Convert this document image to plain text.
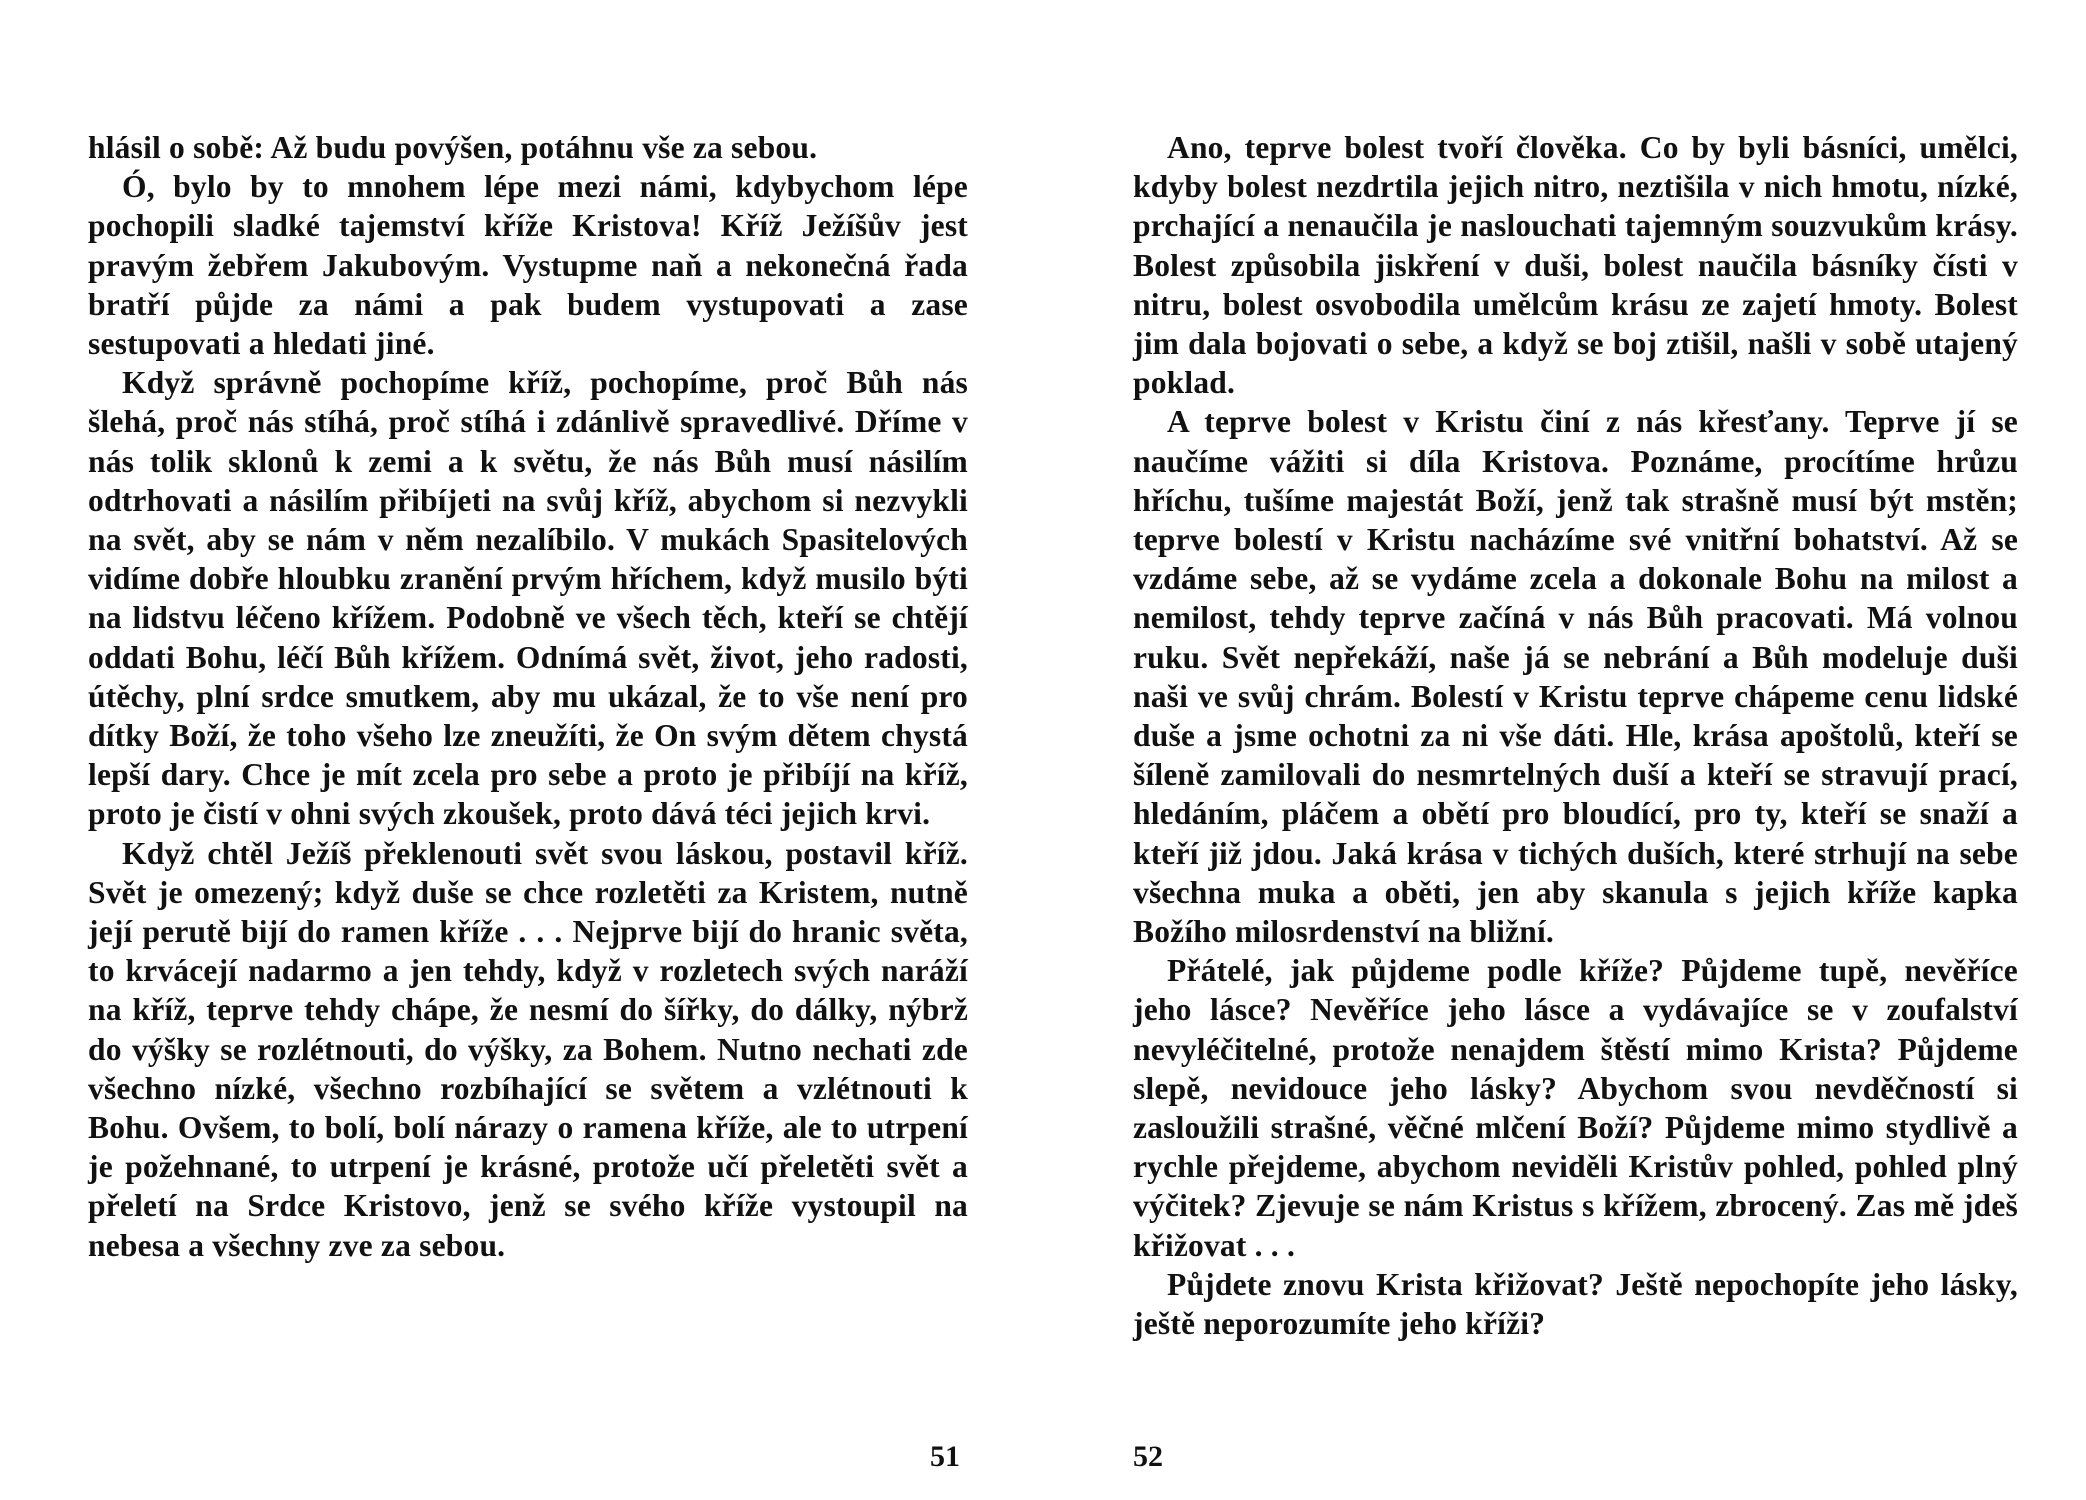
hlásil o sobě: Až budu povýšen, potáhnu vše za sebou.

Ó, bylo by to mnohem lépe mezi námi, kdybychom lépe pochopili sladké tajemství kříže Kristova! Kříž Ježíšův jest pravým žebřem Jakubovým. Vystupme naň a nekonečná řada bratří půjde za námi a pak budem vystupovati a zase sestupovati a hledati jiné.

Když správně pochopíme kříž, pochopíme, proč Bůh nás šlehá, proč nás stíhá, proč stíhá i zdánlivě spravedlivé. Dříme v nás tolik sklonů k zemi a k světu, že nás Bůh musí násilím odtrhovati a násilím přibíjeti na svůj kříž, abychom si nezvykli na svět, aby se nám v něm nezalíbilo. V mukách Spasitelových vidíme dobře hloubku zranění prvým hříchem, když musilo býti na lidstvu léčeno křížem. Podobně ve všech těch, kteří se chtějí oddati Bohu, léčí Bůh křížem. Odnímá svět, život, jeho radosti, útěchy, plní srdce smutkem, aby mu ukázal, že to vše není pro dítky Boží, že toho všeho lze zneužíti, že On svým dětem chystá lepší dary. Chce je mít zcela pro sebe a proto je přibíjí na kříž, proto je čistí v ohni svých zkoušek, proto dává téci jejich krvi.

Když chtěl Ježíš překlenouti svět svou láskou, postavil kříž. Svět je omezený; když duše se chce rozletěti za Kristem, nutně její perutě bijí do ramen kříže . . . Nejprve bijí do hranic světa, to krvácejí nadarmo a jen tehdy, když v rozletech svých naráží na kříž, teprve tehdy chápe, že nesmí do šířky, do dálky, nýbrž do výšky se rozlétnouti, do výšky, za Bohem. Nutno nechati zde všechno nízké, všechno rozbíhající se světem a vzlétnouti k Bohu. Ovšem, to bolí, bolí nárazy o ramena kříže, ale to utrpení je požehnané, to utrpení je krásné, protože učí přeletěti svět a přeletí na Srdce Kristovo, jenž se svého kříže vystoupil na nebesa a všechny zve za sebou.

51

Ano, teprve bolest tvoří člověka. Co by byli básníci, umělci, kdyby bolest nezdrtila jejich nitro, neztišila v nich hmotu, nízké, prchající a nenaučila je naslouchati tajemným souzvukům krásy. Bolest způsobila jiskření v duši, bolest naučila básníky čísti v nitru, bolest osvobodila umělcům krásu ze zajetí hmoty. Bolest jim dala bojovati o sebe, a když se boj ztišil, našli v sobě utajený poklad.

A teprve bolest v Kristu činí z nás křesťany. Teprve jí se naučíme vážiti si díla Kristova. Poznáme, procítíme hrůzu hříchu, tušíme majestát Boží, jenž tak strašně musí být mstěn; teprve bolestí v Kristu nacházíme své vnitřní bohatství. Až se vzdáme sebe, až se vydáme zcela a dokonale Bohu na milost a nemilost, tehdy teprve začíná v nás Bůh pracovati. Má volnou ruku. Svět nepřekáží, naše já se nebrání a Bůh modeluje duši naši ve svůj chrám. Bolestí v Kristu teprve chápeme cenu lidské duše a jsme ochotni za ni vše dáti. Hle, krása apoštolů, kteří se šíleně zamilovali do nesmrtelných duší a kteří se stravují prací, hledáním, pláčem a obětí pro bloudící, pro ty, kteří se snaží a kteří již jdou. Jaká krása v tichých duších, které strhují na sebe všechna muka a oběti, jen aby skanula s jejich kříže kapka Božího milosrdenství na bližní.

Přátelé, jak půjdeme podle kříže? Půjdeme tupě, nevěříce jeho lásce? Nevěříce jeho lásce a vydávajíce se v zoufalství nevyléčitelné, protože nenajdem štěstí mimo Krista? Půjdeme slepě, nevidouce jeho lásky? Abychom svou nevděčností si zasloužili strašné, věčné mlčení Boží? Půjdeme mimo stydlivě a rychle přejdeme, abychom neviděli Kristův pohled, pohled plný výčitek? Zjevuje se nám Kristus s křížem, zbrocený. Zas mě jdeš křižovat . . .

Půjdete znovu Krista křižovat? Ještě nepochopíte jeho lásky, ještě neporozumíte jeho kříži?

52
